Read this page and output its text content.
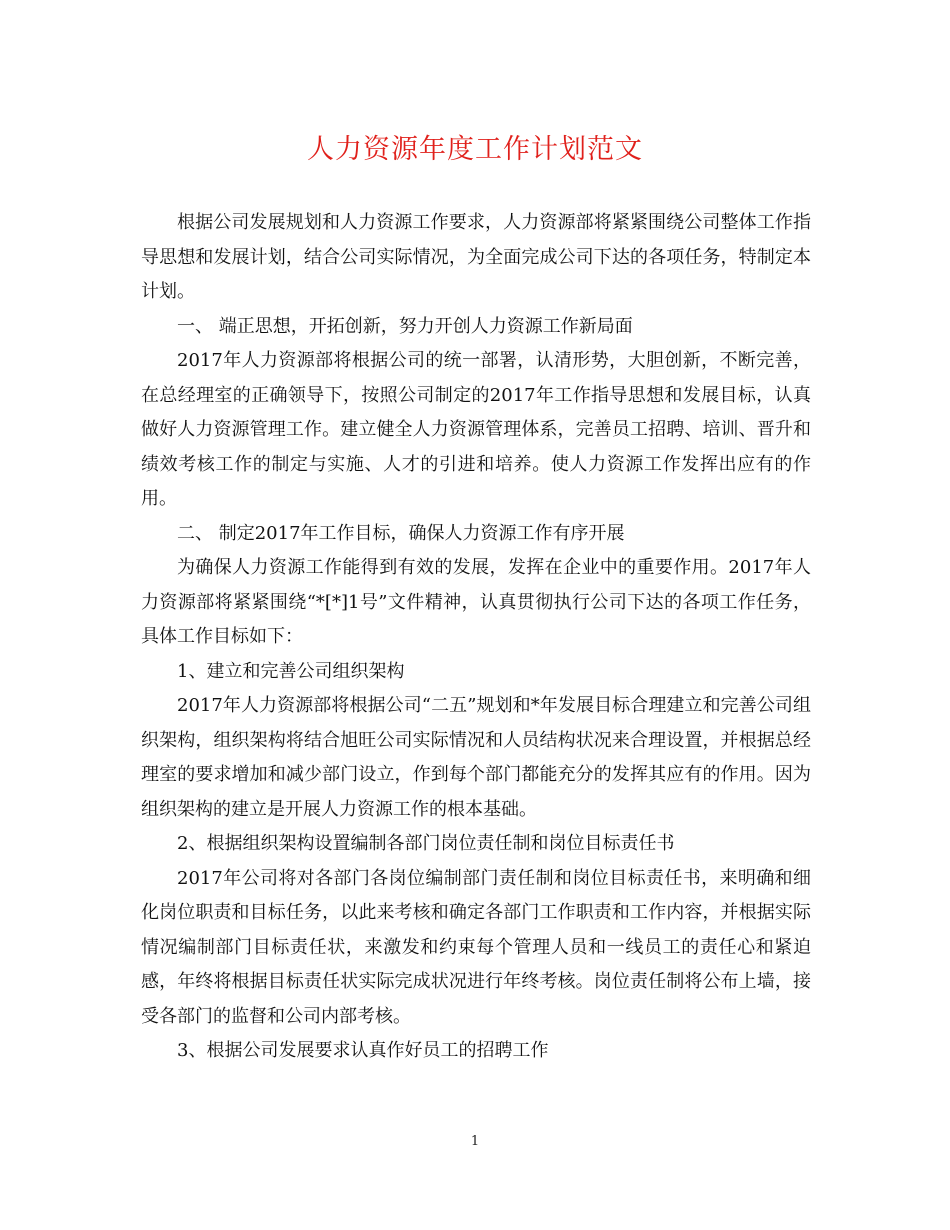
人力资源年度工作计划范文

根据公司发展规划和人力资源工作要求，人力资源部将紧紧围绕公司整体工作指导思想和发展计划，结合公司实际情况，为全面完成公司下达的各项任务，特制定本计划。

一、 端正思想，开拓创新，努力开创人力资源工作新局面

2017年人力资源部将根据公司的统一部署，认清形势，大胆创新，不断完善，在总经理室的正确领导下，按照公司制定的2017年工作指导思想和发展目标，认真做好人力资源管理工作。建立健全人力资源管理体系，完善员工招聘、培训、晋升和绩效考核工作的制定与实施、人才的引进和培养。使人力资源工作发挥出应有的作用。

二、 制定2017年工作目标，确保人力资源工作有序开展

为确保人力资源工作能得到有效的发展，发挥在企业中的重要作用。2017年人力资源部将紧紧围绕“*[*]1号”文件精神，认真贯彻执行公司下达的各项工作任务，具体工作目标如下：

1、建立和完善公司组织架构

2017年人力资源部将根据公司“二五”规划和*年发展目标合理建立和完善公司组织架构，组织架构将结合旭旺公司实际情况和人员结构状况来合理设置，并根据总经理室的要求增加和减少部门设立，作到每个部门都能充分的发挥其应有的作用。因为组织架构的建立是开展人力资源工作的根本基础。

2、根据组织架构设置编制各部门岗位责任制和岗位目标责任书

2017年公司将对各部门各岗位编制部门责任制和岗位目标责任书，来明确和细化岗位职责和目标任务，以此来考核和确定各部门工作职责和工作内容，并根据实际情况编制部门目标责任状，来激发和约束每个管理人员和一线员工的责任心和紧迫感，年终将根据目标责任状实际完成状况进行年终考核。岗位责任制将公布上墙，接受各部门的监督和公司内部考核。

3、根据公司发展要求认真作好员工的招聘工作

1
